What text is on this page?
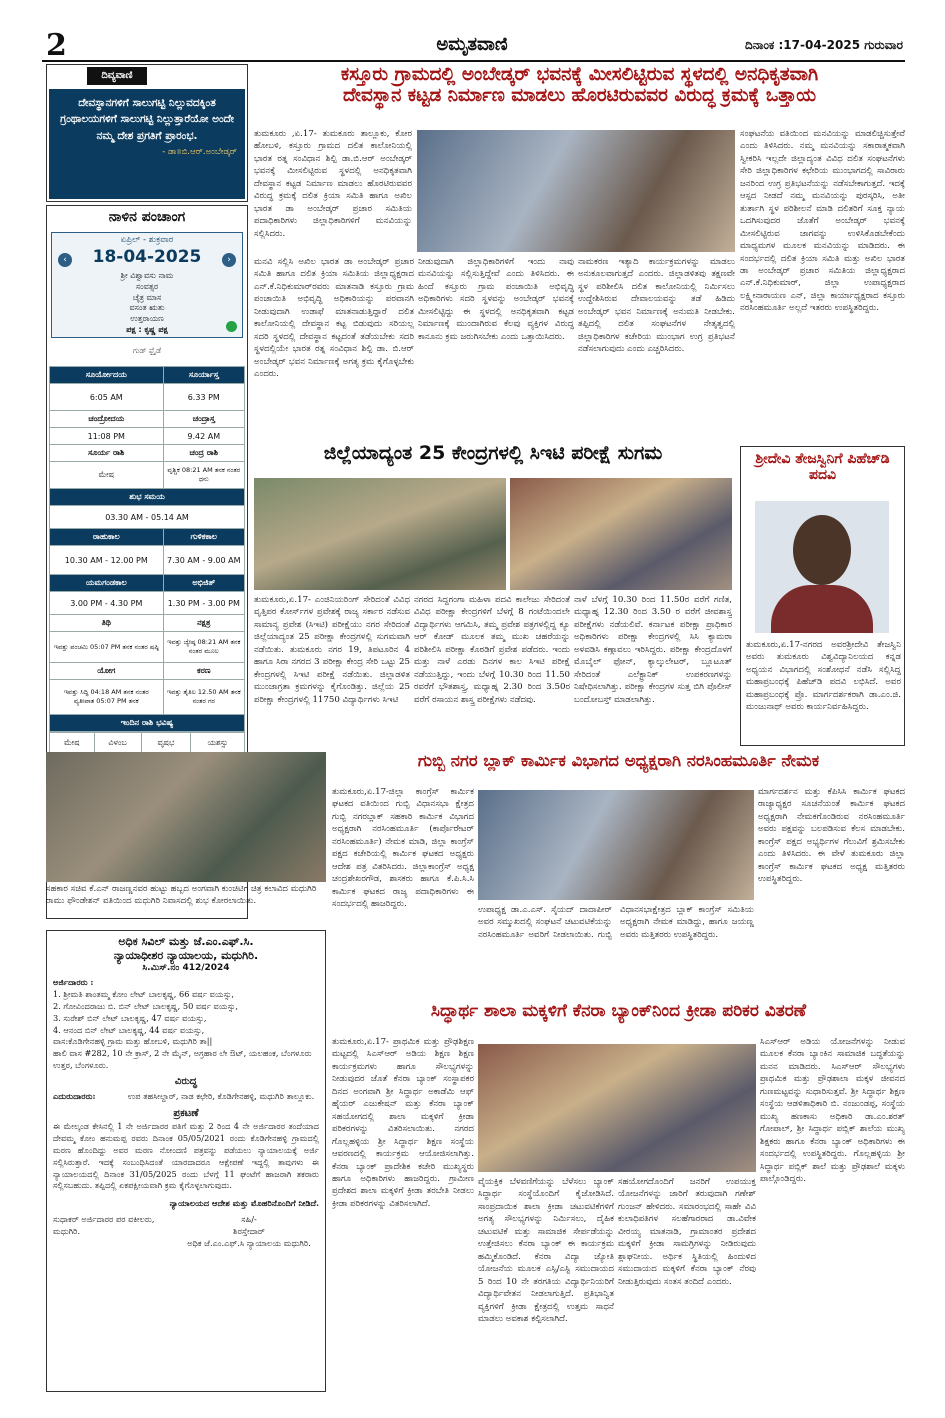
2	ಅಮೃತವಾಣಿ	ದಿನಾಂಕ :17-04-2025 ಗುರುವಾರ
ದಿವ್ಯವಾಣಿ
ದೇವಸ್ಥಾನಗಳಿಗೆ ಸಾಲುಗಟ್ಟಿ ನಿಲ್ಲುವದಕ್ಕಿಂತ ಗ್ರಂಥಾಲಯಗಳಿಗೆ ಸಾಲುಗಟ್ಟಿ ನಿಲ್ಲುತ್ತಾರೆಯೋ ಅಂದೇ ನಮ್ಮ ದೇಶ ಪ್ರಗತಿಗೆ ಪ್ರಾರಂಭ.
- ಡಾ॥ಬಿ.ಆರ್.ಅಂಬೇಡ್ಕರ್
ನಾಳಿನ ಪಂಚಾಂಗ
ಏಪ್ರಿಲ್ - ಶುಕ್ರವಾರ
‹	18-04-2025	›
ಶ್ರೀ ವಿಶ್ವಾವಸು ನಾಮ
ಸಂವತ್ಸರ
ಚೈತ್ರ ಮಾಸ
ವಸಂತ ಋತು
ಉತ್ತರಾಯಣ
ಪಕ್ಷ : ಕೃಷ್ಣ ಪಕ್ಷ
ಗುಡ್ ಫ್ರೈಡೆ
ಸೂರ್ಯೋದಯ	ಸೂರ್ಯಾಸ್ತ
6:05 AM	6.33 PM
ಚಂದ್ರೋದಯ	ಚಂದ್ರಾಸ್ತ
11:08 PM	9.42 AM
ಸೂರ್ಯ ರಾಶಿ	ಚಂದ್ರ ರಾಶಿ
ಮೇಷ	ವೃಶ್ಚಿಕ 08:21 AM ತನಕ ನಂತರ ಧನು
ಶುಭ ಸಮಯ	
03.30 AM - 05.14 AM	
ರಾಹುಕಾಲ	ಗುಳಿಕಕಾಲ
10.30 AM - 12.00 PM	7.30 AM - 9.00 AM
ಯಮಗಂಡಕಾಲ	ಅಭಿಜಿತ್
3.00 PM - 4.30 PM	1.30 PM - 3.00 PM
ತಿಥಿ	ನಕ್ಷತ್ರ
ಇವತ್ತು ಪಂಚಮಿ 05:07 PM ತನಕ ನಂತರ ಷಷ್ಠಿ	ಇವತ್ತು ಜ್ಯೇಷ್ಠ 08:21 AM ತನಕ ನಂತರ ಮೂಲ
ಯೋಗ	ಕರಣ
ಇವತ್ತು ಸಿದ್ಧಿ 04:18 AM ತನಕ ನಂತರ ವ್ಯತೀಪಾತ 05:07 PM ತನಕ	ಇವತ್ತು ತೈತಿಲ 12.50 AM ತನಕ ನಂತರ ಗರ
ಇಂದಿನ ರಾಶಿ ಭವಿಷ್ಯ	
ಮೇಷ	ವಿಳಂಬ	ವೃಷಭ	ಯಶಸ್ಸು

ಕಸ್ತೂರು ಗ್ರಾಮದಲ್ಲಿ ಅಂಬೇಡ್ಕರ್ ಭವನಕ್ಕೆ ಮೀಸಲಿಟ್ಟಿರುವ ಸ್ಥಳದಲ್ಲಿ ಅನಧಿಕೃತವಾಗಿ
ದೇವಸ್ಥಾನ ಕಟ್ಟಡ ನಿರ್ಮಾಣ ಮಾಡಲು ಹೊರಟಿರುವವರ ವಿರುದ್ಧ ಕ್ರಮಕ್ಕೆ ಒತ್ತಾಯ
ತುಮಕೂರು ,ಏ.17- ತುಮಕೂರು ತಾಲ್ಲೂಕು, ಕೋರ ಹೋಬಳಿ, ಕಸ್ತೂರು ಗ್ರಾಮದ ದಲಿತ ಕಾಲೋನಿಯಲ್ಲಿ ಭಾರತ ರತ್ನ ಸಂವಿಧಾನ ಶಿಲ್ಪಿ ಡಾ.ಬಿ.ಆರ್ ಅಂಬೇಡ್ಕರ್ ಭವನಕ್ಕೆ ಮೀಸಲಿಟ್ಟಿರುವ ಸ್ಥಳದಲ್ಲಿ ಅನಧಿಕೃತವಾಗಿ ದೇವಸ್ಥಾನ ಕಟ್ಟಡ ನಿರ್ಮಾಣ ಮಾಡಲು ಹೊರಟಿರುವವರ ವಿರುದ್ಧ ಕ್ರಮಕ್ಕೆ ದಲಿತ ಕ್ರಿಯಾ ಸಮಿತಿ ಹಾಗೂ ಅಖಿಲ ಭಾರತ ಡಾ ಅಂಬೇಡ್ಕರ್ ಪ್ರಚಾರ ಸಮಿತಿಯ ಪದಾಧಿಕಾರಿಗಳು ಜಿಲ್ಲಾಧಿಕಾರಿಗಳಿಗೆ ಮನವಿಯನ್ನು ಸಲ್ಲಿಸಿದರು.
ಸಂಘಟನೆಯ ವತಿಯಿಂದ ಮನವಿಯನ್ನು ಮಾಡಲಿಚ್ಚಿಸುತ್ತೇವೆ ಎಂದು ತಿಳಿಸಿದರು. ನಮ್ಮ ಮನವಿಯನ್ನು ಸಕಾರಾತ್ಮಕವಾಗಿ ಸ್ವೀಕರಿಸಿ ಇಲ್ಲದೇ ಜಿಲ್ಲಾದ್ಯಂತ ವಿವಿಧ ದಲಿತ ಸಂಘಟನೆಗಳು ಸೇರಿ ಜಿಲ್ಲಾಧಿಕಾರಿಗಳ ಕಛೇರಿಯ ಮುಂಭಾಗದಲ್ಲಿ ಸಾವಿರಾರು ಜನರಿಂದ ಉಗ್ರ ಪ್ರತಿಭಟನೆಯನ್ನು ನಡೆಸಬೇಕಾಗುತ್ತದೆ. ಇದಕ್ಕೆ ಆಸ್ಪದ ನೀಡದೆ ನಮ್ಮ ಮನವಿಯನ್ನು ಪುರಸ್ಕರಿಸಿ, ಅತೀ ತುರ್ತಾಗಿ ಸ್ಥಳ ಪರಿಶೀಲನೆ ಮಾಡಿ ದಲಿತರಿಗೆ ಸೂಕ್ತ ನ್ಯಾಯ ಒದಗಿಸುವುದರ ಜೊತೆಗೆ ಅಂಬೇಡ್ಕರ್ ಭವನಕ್ಕೆ ಮೀಸಲಿಟ್ಟಿರುವ ಜಾಗವನ್ನು ಉಳಿಸಿಕೊಡಬೇಕೆಂದು ಮಾಧ್ಯಮಗಳ ಮೂಲಕ ಮನವಿಯನ್ನು ಮಾಡಿದರು. ಈ ಸಂದರ್ಭದಲ್ಲಿ ದಲಿತ ಕ್ರಿಯಾ ಸಮಿತಿ ಮತ್ತು ಅಖಿಲ ಭಾರತ ಡಾ ಅಂಬೇಡ್ಕರ್ ಪ್ರಚಾರ ಸಮಿತಿಯ ಜಿಲ್ಲಾಧ್ಯಕ್ಷರಾದ ಎನ್.ಕೆ.ನಿಧಿಕುಮಾರ್, ಜಿಲ್ಲಾ ಉಪಾಧ್ಯಕ್ಷರಾದ ಲಕ್ಷ್ಮೀನಾರಾಯಣ ಎನ್, ಜಿಲ್ಲಾ ಕಾರ್ಯಾಧ್ಯಕ್ಷರಾದ ಕಸ್ತೂರು ನರಸಿಂಹಮೂರ್ತಿ ಅಲ್ಲದೆ ಇತರರು ಉಪಸ್ಥಿತರಿದ್ದರು.
ಮನವಿ ಸಲ್ಲಿಸಿ ಅಖಿಲ ಭಾರತ ಡಾ ಅಂಬೇಡ್ಕರ್ ಪ್ರಚಾರ ಸಮಿತಿ ಹಾಗೂ ದಲಿತ ಕ್ರಿಯಾ ಸಮಿತಿಯ ಜಿಲ್ಲಾಧ್ಯಕ್ಷರಾದ ಎನ್.ಕೆ.ನಿಧಿಕುಮಾರ್‌ರವರು ಮಾತನಾಡಿ ಕಸ್ತೂರು ಗ್ರಾಮ ಪಂಚಾಯಿತಿ ಅಭಿವೃದ್ಧಿ ಅಧಿಕಾರಿಯನ್ನು ಪರವಾನಗಿ ನೀಡುವುದಾಗಿ ಉಡಾಫೆ ಮಾತನಾಡುತ್ತಿದ್ದಾರೆ ದಲಿತ ಕಾಲೋನಿಯಲ್ಲಿ ದೇವಸ್ಥಾನ ಕಟ್ಟ ಬಿಡುವುದು ಸರಿಯಲ್ಲ ಸದರಿ ಸ್ಥಳದಲ್ಲಿ ದೇವಸ್ಥಾನ ಕಟ್ಟದಂತೆ ತಡೆಯಬೇಕು ಸದರಿ ಸ್ಥಳದಲ್ಲಿಯೇ ಭಾರತ ರತ್ನ ಸಂವಿಧಾನ ಶಿಲ್ಪಿ ಡಾ. ಬಿ.ಆರ್ ಅಂಬೇಡ್ಕರ್ ಭವನ ನಿರ್ಮಾಣಕ್ಕೆ ಅಗತ್ಯ ಕ್ರಮ ಕೈಗೊಳ್ಳಬೇಕು ಎಂದರು.
ನೀಡುವುದಾಗಿ ಜಿಲ್ಲಾಧಿಕಾರಿಗಳಿಗೆ ಇಂದು ನಾವು ಮನವಿಯನ್ನು ಸಲ್ಲಿಸುತ್ತಿದ್ದೇವೆ ಎಂದು ತಿಳಿಸಿದರು. ಈ ಹಿಂದೆ ಕಸ್ತೂರು ಗ್ರಾಮ ಪಂಚಾಯಿತಿ ಅಭಿವೃದ್ಧಿ ಅಧಿಕಾರಿಗಳು ಸದರಿ ಸ್ಥಳವನ್ನು ಅಂಬೇಡ್ಕರ್ ಭವನಕ್ಕೆ ಮೀಸಲಿಟ್ಟಿದ್ದು ಈ ಸ್ಥಳದಲ್ಲಿ ಅನಧಿಕೃತವಾಗಿ ಕಟ್ಟಡ ನಿರ್ಮಾಣಕ್ಕೆ ಮುಂದಾಗಿರುವ ಕೆಲವು ವ್ಯಕ್ತಿಗಳ ವಿರುದ್ಧ ಕಾನೂನು ಕ್ರಮ ಜರುಗಿಸಬೇಕು ಎಂದು ಒತ್ತಾಯಿಸಿದರು.
ನಾಮಕರಣ ಇತ್ಯಾದಿ ಕಾರ್ಯಕ್ರಮಗಳನ್ನು ಮಾಡಲು ಅನುಕೂಲವಾಗುತ್ತದೆ ಎಂದರು. ಜಿಲ್ಲಾಡಳಿತವು ತಕ್ಷಣವೇ ಸ್ಥಳ ಪರಿಶೀಲಿಸಿ ದಲಿತ ಕಾಲೋನಿಯಲ್ಲಿ ನಿರ್ಮಿಸಲು ಉದ್ದೇಶಿಸಿರುವ ದೇವಾಲಯವನ್ನು ತಡೆ ಹಿಡಿದು ಅಂಬೇಡ್ಕರ್ ಭವನ ನಿರ್ಮಾಣಕ್ಕೆ ಅನುಮತಿ ನೀಡಬೇಕು. ತಪ್ಪಿದಲ್ಲಿ ದಲಿತ ಸಂಘಟನೆಗಳ ನೇತೃತ್ವದಲ್ಲಿ ಜಿಲ್ಲಾಧಿಕಾರಿಗಳ ಕಚೇರಿಯ ಮುಂಭಾಗ ಉಗ್ರ ಪ್ರತಿಭಟನೆ ನಡೆಸಲಾಗುವುದು ಎಂದು ಎಚ್ಚರಿಸಿದರು.
ಜಿಲ್ಲೆಯಾದ್ಯಂತ 25 ಕೇಂದ್ರಗಳಲ್ಲಿ ಸಿಇಟಿ ಪರೀಕ್ಷೆ ಸುಗಮ
ತುಮಕೂರು,ಏ.17- ಎಂಜಿನಿಯರಿಂಗ್ ಸೇರಿದಂತೆ ವಿವಿಧ ವೃತ್ತಿಪರ ಕೋರ್ಸ್‌ಗಳ ಪ್ರವೇಶಕ್ಕೆ ರಾಜ್ಯ ಸರ್ಕಾರ ನಡೆಸುವ ಸಾಮಾನ್ಯ ಪ್ರವೇಶ (ಸಿಇಟಿ) ಪರೀಕ್ಷೆಯು ನಗರ ಸೇರಿದಂತೆ ಜಿಲ್ಲೆಯಾದ್ಯಂತ 25 ಪರೀಕ್ಷಾ ಕೇಂದ್ರಗಳಲ್ಲಿ ಸುಗಮವಾಗಿ ನಡೆಯಿತು. ತುಮಕೂರು ನಗರ 19, ತಿಪಟೂರಿನ 4 ಹಾಗೂ ಸಿರಾ ನಗರದ 3 ಪರೀಕ್ಷಾ ಕೇಂದ್ರ ಸೇರಿ ಒಟ್ಟು 25 ಕೇಂದ್ರಗಳಲ್ಲಿ ಸಿಇಟಿ ಪರೀಕ್ಷೆ ನಡೆಯಿತು. ಜಿಲ್ಲಾಡಳಿತ ಮುಂಜಾಗ್ರತಾ ಕ್ರಮಗಳನ್ನು ಕೈಗೊಂಡಿತ್ತು. ಜಿಲ್ಲೆಯ 25 ಪರೀಕ್ಷಾ ಕೇಂದ್ರಗಳಲ್ಲಿ 11750 ವಿದ್ಯಾರ್ಥಿಗಳು ಸಿಇಟಿ
ನಗರದ ಸಿದ್ದಗಂಗಾ ಮಹಿಳಾ ಪದವಿ ಕಾಲೇಜು ಸೇರಿದಂತೆ ವಿವಿಧ ಪರೀಕ್ಷಾ ಕೇಂದ್ರಗಳಿಗೆ ಬೆಳಗ್ಗೆ 8 ಗಂಟೆಯಿಂದಲೇ ವಿದ್ಯಾರ್ಥಿಗಳು ಆಗಮಿಸಿ, ತಮ್ಮ ಪ್ರವೇಶ ಪತ್ರಗಳಲ್ಲಿದ್ದ ಕ್ಯೂ ಆರ್ ಕೋಡ್ ಮೂಲಕ ತಮ್ಮ ಮುಖ ಚಹರೆಯನ್ನು ಪರಿಶೀಲಿಸಿ ಪರೀಕ್ಷಾ ಕೊಠಡಿಗೆ ಪ್ರವೇಶ ಪಡೆದರು. ಇಂದು ಮತ್ತು ನಾಳೆ ಎರಡು ದಿನಗಳ ಕಾಲ ಸಿಇಟಿ ಪರೀಕ್ಷೆ ನಡೆಯುತ್ತಿದ್ದು, ಇಂದು ಬೆಳಗ್ಗೆ 10.30 ರಿಂದ 11.50 ರವರೆಗೆ ಭೌತಶಾಸ್ತ್ರ, ಮಧ್ಯಾಹ್ನ 2.30 ರಿಂದ 3.50ರ ವರೆಗೆ ರಸಾಯನ ಶಾಸ್ತ್ರ ಪರೀಕ್ಷೆಗಳು ನಡೆದವು.
ನಾಳೆ ಬೆಳಗ್ಗೆ 10.30 ರಿಂದ 11.50ರ ವರೆಗೆ ಗಣಿತ, ಮಧ್ಯಾಹ್ನ 12.30 ರಿಂದ 3.50 ರ ವರೆಗೆ ಜೀವಶಾಸ್ತ್ರ ಪರೀಕ್ಷೆಗಳು ನಡೆಯಲಿವೆ. ಕರ್ನಾಟಕ ಪರೀಕ್ಷಾ ಪ್ರಾಧಿಕಾರ ಅಧಿಕಾರಿಗಳು ಪರೀಕ್ಷಾ ಕೇಂದ್ರಗಳಲ್ಲಿ ಸಿಸಿ ಕ್ಯಾಮರಾ ಅಳವಡಿಸಿ ಕಣ್ಗಾವಲು ಇರಿಸಿದ್ದರು. ಪರೀಕ್ಷಾ ಕೇಂದ್ರದೊಳಗೆ ಮೊಬೈಲ್ ಫೋನ್, ಕ್ಯಾಲ್ಕುಲೇಟರ್, ಬ್ಲೂಟೂತ್ ಸೇರಿದಂತೆ ಎಲೆಕ್ಟ್ರಾನಿಕ್ ಉಪಕರಣಗಳನ್ನು ನಿಷೇಧಿಸಲಾಗಿತ್ತು. ಪರೀಕ್ಷಾ ಕೇಂದ್ರಗಳ ಸುತ್ತ ಬಿಗಿ ಪೊಲೀಸ್ ಬಂದೋಬಸ್ತ್ ಮಾಡಲಾಗಿತ್ತು.
ಶ್ರೀದೇವಿ ತೇಜಸ್ವಿನಿಗೆ ಪಿಹೆಚ್‌ಡಿ ಪದವಿ
ತುಮಕೂರು,ಏ.17-ನಗರದ ಅವರಶ್ರೀದೇವಿ ತೇಜಸ್ವಿನಿ ಅವರು ತುಮಕೂರು ವಿಶ್ವವಿದ್ಯಾನಿಲಯದ ಕನ್ನಡ ಅಧ್ಯಯನ ವಿಭಾಗದಲ್ಲಿ ಸಂಶೋಧನೆ ನಡೆಸಿ ಸಲ್ಲಿಸಿದ್ದ ಮಹಾಪ್ರಬಂಧಕ್ಕೆ ಪಿಹೆಚ್‌ಡಿ ಪದವಿ ಲಭಿಸಿದೆ. ಅವರ ಮಹಾಪ್ರಬಂಧಕ್ಕೆ ಪ್ರೊ. ಮಾರ್ಗದರ್ಶಕರಾಗಿ ಡಾ.ಎಂ.ಜಿ. ಮಂಜುನಾಥ್ ಅವರು ಕಾರ್ಯನಿರ್ವಹಿಸಿದ್ದರು.
ಸಹಕಾರ ಸಚಿವ ಕೆ.ಎನ್ ರಾಜಣ್ಣನವರ ಹುಟ್ಟು ಹಬ್ಬದ ಅಂಗವಾಗಿ ಕುಂಚಿಟಿಗ ಚಿತ್ರ ಕಲಾವಿದ ಮಧುಗಿರಿ ರಾಮು ಫೌಂಡೇಶನ್ ವತಿಯಿಂದ ಮಧುಗಿರಿ ನಿವಾಸದಲ್ಲಿ ಶುಭ ಕೋರಲಾಯಿತು.
ಗುಬ್ಬಿ ನಗರ ಬ್ಲಾಕ್ ಕಾರ್ಮಿಕ ವಿಭಾಗದ ಅಧ್ಯಕ್ಷರಾಗಿ ನರಸಿಂಹಮೂರ್ತಿ ನೇಮಕ
ತುಮಕೂರು,ಏ.17-ಜಿಲ್ಲಾ ಕಾಂಗ್ರೆಸ್ ಕಾರ್ಮಿಕ ಘಟಕದ ವತಿಯಿಂದ ಗುಬ್ಬಿ ವಿಧಾನಸಭಾ ಕ್ಷೇತ್ರದ ಗುಬ್ಬಿ ನಗರಬ್ಲಾಕ್ ಸಹಕಾರಿ ಕಾರ್ಮಿಕ ವಿಭಾಗದ ಅಧ್ಯಕ್ಷರಾಗಿ ನರಸಿಂಹಮೂರ್ತಿ (ಕಾರ್ಪೊರೇಟರ್ ನರಸಿಂಹಮೂರ್ತಿ) ನೇಮಕ ಮಾಡಿ, ಜಿಲ್ಲಾ ಕಾಂಗ್ರೆಸ್ ಪಕ್ಷದ ಕಚೇರಿಯಲ್ಲಿ ಕಾರ್ಮಿಕ ಘಟಕದ ಅಧ್ಯಕ್ಷರು ಆದೇಶ ಪತ್ರ ವಿತರಿಸಿದರು. ಜಿಲ್ಲಾಕಾಂಗ್ರೆಸ್ ಅಧ್ಯಕ್ಷ ಚಂದ್ರಶೇಖರಗೌಡ, ಶಾಸಕರು ಹಾಗೂ ಕೆ.ಪಿ.ಸಿ.ಸಿ ಕಾರ್ಮಿಕ ಘಟಕದ ರಾಜ್ಯ ಪದಾಧಿಕಾರಿಗಳು ಈ ಸಂದರ್ಭದಲ್ಲಿ ಹಾಜರಿದ್ದರು.
ಉಪಾಧ್ಯಕ್ಷ ಡಾ.ಎ.ಎಸ್. ಸೈಯದ್ ದಾದಾಪೀರ್ ಅವರ ಸಮ್ಮುಖದಲ್ಲಿ ಸಂಘಟನೆ ಚಟುವಟಿಕೆಯನ್ನು ನರಸಿಂಹಮೂರ್ತಿ ಅವರಿಗೆ ನೀಡಲಾಯಿತು. ಗುಬ್ಬಿ ವಿಧಾನಸಭಾಕ್ಷೇತ್ರದ ಬ್ಲಾಕ್ ಕಾಂಗ್ರೆಸ್ ಸಮಿತಿಯ ಅಧ್ಯಕ್ಷರಾಗಿ ನೇಮಕ ಮಾಡಿದ್ದು, ಹಾಗೂ ಜಯಣ್ಣ ಅವರು ಮತ್ತಿತರರು ಉಪಸ್ಥಿತರಿದ್ದರು.
ಮಾರ್ಗದರ್ಶನ ಮತ್ತು ಕೆಪಿಸಿಸಿ ಕಾರ್ಮಿಕ ಘಟಕದ ರಾಜ್ಯಾಧ್ಯಕ್ಷರ ಸೂಚನೆಯಂತೆ ಕಾರ್ಮಿಕ ಘಟಕದ ಅಧ್ಯಕ್ಷರಾಗಿ ನೇಮಕಗೊಂಡಿರುವ ನರಸಿಂಹಮೂರ್ತಿ ಅವರು ಪಕ್ಷವನ್ನು ಬಲಪಡಿಸುವ ಕೆಲಸ ಮಾಡಬೇಕು. ಕಾಂಗ್ರೆಸ್ ಪಕ್ಷದ ಅಭ್ಯರ್ಥಿಗಳ ಗೆಲುವಿಗೆ ಶ್ರಮಿಸಬೇಕು ಎಂದು ತಿಳಿಸಿದರು. ಈ ವೇಳೆ ತುಮಕೂರು ಜಿಲ್ಲಾ ಕಾಂಗ್ರೆಸ್ ಕಾರ್ಮಿಕ ಘಟಕದ ಅಧ್ಯಕ್ಷ ಮತ್ತಿತರರು ಉಪಸ್ಥಿತರಿದ್ದರು.
ಅಧಿಕ ಸಿವಿಲ್ ಮತ್ತು ಜೆ.ಎಂ.ಎಫ್.ಸಿ.
ನ್ಯಾಯಾಧೀಶರ ನ್ಯಾಯಾಲಯ, ಮಧುಗಿರಿ.
ಸಿ.ಮಿಸ್.ನಂ 412/2024
ಅರ್ಜಿದಾರರು :
1. ಶ್ರೀಮತಿ ಶಾಂತಮ್ಮ ಕೋಂ ಲೇಟ್ ಬಾಲಕೃಷ್ಣ, 66 ವರ್ಷ ವಯಸ್ಸು,
2. ಗೋವಿಂದರಾಜು ಬಿ. ಬಿನ್ ಲೇಟ್ ಬಾಲಕೃಷ್ಣ, 50 ವರ್ಷ ವಯಸ್ಸು,
3. ಸುರೇಶ್ ಬಿನ್ ಲೇಟ್ ಬಾಲಕೃಷ್ಣ, 47 ವರ್ಷ ವಯಸ್ಸು,
4. ಆನಂದ ಬಿನ್ ಲೇಟ್ ಬಾಲಕೃಷ್ಣ, 44 ವರ್ಷ ವಯಸ್ಸು,
ವಾಸ:ಕೊಡಿಗೇನಹಳ್ಳಿ ಗ್ರಾಮ ಮತ್ತು ಹೋಬಳಿ, ಮಧುಗಿರಿ ತಾ||
ಹಾಲಿ ವಾಸ #282, 10 ನೇ ಕ್ರಾಸ್, 2 ನೇ ಮೈನ್, ಅಗ್ರಹಾರ ಲೇ ಔಟ್, ಯಲಹಂಕ, ಬೆಂಗಳೂರು ಉತ್ತರ, ಬೆಂಗಳೂರು.
ವಿರುದ್ಧ
ಎದುರುದಾರರು:	ಉಪ ತಹಸೀಲ್ದಾರ್, ನಾಡ ಕಛೇರಿ, ಕೊಡಿಗೇನಹಳ್ಳಿ, ಮಧುಗಿರಿ ತಾಲ್ಲೂಕು.
ಪ್ರಕಟಣೆ
ಈ ಮೇಲ್ಕಂಡ ಕೇಸಿನಲ್ಲಿ 1 ನೇ ಅರ್ಜಿದಾರರ ಪತಿಗೆ ಮತ್ತು 2 ರಿಂದ 4 ನೇ ಅರ್ಜಿದಾರರ ತಂದೆಯಾದ ದೇವಮ್ಮ ಕೋಂ ಹನುಮಪ್ಪ ರವರು ದಿನಾಂಕ 05/05/2021 ರಂದು ಕೊಡಿಗೇನಹಳ್ಳಿ ಗ್ರಾಮದಲ್ಲಿ ಮರಣ ಹೊಂದಿದ್ದು ಅವರ ಮರಣ ನೋಂದಣಿ ಪತ್ರವನ್ನು ಪಡೆಯಲು ನ್ಯಾಯಾಲಯಕ್ಕೆ ಅರ್ಜಿ ಸಲ್ಲಿಸಿರುತ್ತಾರೆ. ಇದಕ್ಕೆ ಸಂಬಂಧಿಸಿದಂತೆ ಯಾರದಾದರೂ ಆಕ್ಷೇಪಣೆ ಇದ್ದಲ್ಲಿ ತಾವುಗಳು ಈ ನ್ಯಾಯಾಲಯದಲ್ಲಿ ದಿನಾಂಕ 31/05/2025 ರಂದು ಬೆಳಗ್ಗೆ 11 ಘಂಟೆಗೆ ಹಾಜರಾಗಿ ತಕರಾರು ಸಲ್ಲಿಸಬಹುದು. ತಪ್ಪಿದಲ್ಲಿ ಏಕಪಕ್ಷೀಯವಾಗಿ ಕ್ರಮ ಕೈಗೊಳ್ಳಲಾಗುವುದು.
ನ್ಯಾಯಾಲಯದ ಆದೇಶ ಮತ್ತು ಮೊಹರಿನೊಂದಿಗೆ ನೀಡಿದೆ.
ಸುಧಾಕರ್ ಅರ್ಜಿದಾರರ ಪರ ವಕೀಲರು, ಮಧುಗಿರಿ.
ಸಹಿ/-
ಶಿರಸ್ತೇದಾರ್
ಅಧಿಕ ಜೆ.ಎಂ.ಎಫ್.ಸಿ ನ್ಯಾಯಾಲಯ ಮಧುಗಿರಿ.
ಸಿದ್ಧಾರ್ಥ ಶಾಲಾ ಮಕ್ಕಳಿಗೆ ಕೆನರಾ ಬ್ಯಾಂಕ್‌ನಿಂದ ಕ್ರೀಡಾ ಪರಿಕರ ವಿತರಣೆ
ತುಮಕೂರು,ಏ.17- ಪ್ರಾಥಮಿಕ ಮತ್ತು ಪ್ರೌಢಶಿಕ್ಷಣ ಮಟ್ಟದಲ್ಲಿ ಸಿಎಸ್‌ಆರ್ ಅಡಿಯ ಶಿಕ್ಷಣ ಶಿಕ್ಷಣ ಕಾರ್ಯಕ್ರಮಗಳು ಹಾಗೂ ಸೌಲಭ್ಯಗಳನ್ನು ನೀಡುವುದರ ಜೊತೆ ಕೆನರಾ ಬ್ಯಾಂಕ್ ಸಂಸ್ಥಾಪಕರ ದಿನದ ಅಂಗವಾಗಿ ಶ್ರೀ ಸಿದ್ಧಾರ್ಥ ಅಕಾಡೆಮಿ ಆಫ್ ಹೈಯರ್ ಎಜುಕೇಷನ್ ಮತ್ತು ಕೆನರಾ ಬ್ಯಾಂಕ್ ಸಹಯೋಗದಲ್ಲಿ ಶಾಲಾ ಮಕ್ಕಳಿಗೆ ಕ್ರೀಡಾ ಪರಿಕರಗಳನ್ನು ವಿತರಿಸಲಾಯಿತು. ನಗರದ ಗೊಲ್ಲಹಳ್ಳಿಯ ಶ್ರೀ ಸಿದ್ಧಾರ್ಥ ಶಿಕ್ಷಣ ಸಂಸ್ಥೆಯ ಆವರಣದಲ್ಲಿ ಕಾರ್ಯಕ್ರಮ ಆಯೋಜಿಸಲಾಗಿತ್ತು. ಕೆನರಾ ಬ್ಯಾಂಕ್ ಪ್ರಾದೇಶಿಕ ಕಚೇರಿ ಮುಖ್ಯಸ್ಥರು ಹಾಗೂ ಅಧಿಕಾರಿಗಳು ಹಾಜರಿದ್ದರು. ಗ್ರಾಮೀಣ ಪ್ರದೇಶದ ಶಾಲಾ ಮಕ್ಕಳಿಗೆ ಕ್ರೀಡಾ ತರಬೇತಿ ನೀಡಲು ಕ್ರೀಡಾ ಪರಿಕರಗಳನ್ನು ವಿತರಿಸಲಾಗಿದೆ.
ವೈಯಕ್ತಿಕ ಬೆಳವಣಿಗೆಯನ್ನು ಬೆಳೆಸಲು ಬ್ಯಾಂಕ್ ಸಿದ್ಧಾರ್ಥ ಸಂಸ್ಥೆಯೊಂದಿಗೆ ಕೈಜೋಡಿಸಿದೆ. ಸಾಂಪ್ರದಾಯಿಕ ಶಾಲಾ ಕ್ರೀಡಾ ಚಟುವಟಿಕೆಗಳಿಗೆ ಅಗತ್ಯ ಸೌಲಭ್ಯಗಳನ್ನು ನಿರ್ಮಿಸಲು, ದೈಹಿಕ ಚಟುವಟಿಕೆ ಮತ್ತು ಸಾಮಾಜಿಕ ಸೇರ್ಪಡೆಯನ್ನು ಉತ್ತೇಜಿಸಲು ಕೆನರಾ ಬ್ಯಾಂಕ್ ಈ ಕಾರ್ಯಕ್ರಮ ಹಮ್ಮಿಕೊಂಡಿದೆ. ಕೆನರಾ ವಿದ್ಯಾ ಜ್ಯೋತಿ ಯೋಜನೆಯ ಮೂಲಕ ಎಸ್ಸಿ/ಎಸ್ಟಿ ಸಮುದಾಯದ 5 ರಿಂದ 10 ನೇ ತರಗತಿಯ ವಿದ್ಯಾರ್ಥಿನಿಯರಿಗೆ ವಿದ್ಯಾರ್ಥಿವೇತನ ನೀಡಲಾಗುತ್ತಿದೆ. ಪ್ರತಿಭಾನ್ವಿತ ವ್ಯಕ್ತಿಗಳಿಗೆ ಕ್ರೀಡಾ ಕ್ಷೇತ್ರದಲ್ಲಿ ಉತ್ತಮ ಸಾಧನೆ ಮಾಡಲು ಅವಕಾಶ ಕಲ್ಪಿಸಲಾಗಿದೆ.
ಸಹಯೋಗದೊಂದಿಗೆ ಜನರಿಗೆ ಉಪಯುಕ್ತ ಯೋಜನೆಗಳನ್ನು ಜಾರಿಗೆ ತರುವುದಾಗಿ ಗಣೇಶ್ ಗುಂಜನ್ ಹೇಳಿದರು. ಸಮಾರಂಭದಲ್ಲಿ ಸಾಹೇ ವಿವಿ ಕುಲಾಧಿಪತಿಗಳ ಸಲಹೆಗಾರರಾದ ಡಾ.ವಿವೇಕ ವೀರಯ್ಯ ಮಾತನಾಡಿ, ಗ್ರಾಮಾಂತರ ಪ್ರದೇಶದ ಮಕ್ಕಳಿಗೆ ಕ್ರೀಡಾ ಸಾಮಗ್ರಿಗಳನ್ನು ನೀಡಿರುವುದು ಶ್ಲಾಘನೀಯ. ಅರ್ಥಿಕ ಸ್ಥಿತಿಯಲ್ಲಿ ಹಿಂದುಳಿದ ಸಮುದಾಯದ ಮಕ್ಕಳಿಗೆ ಕೆನರಾ ಬ್ಯಾಂಕ್ ನೆರವು ನೀಡುತ್ತಿರುವುದು ಸಂತಸ ತಂದಿದೆ ಎಂದರು.
ಸಿಎಸ್‌ಆರ್ ಅಡಿಯ ಯೋಜನೆಗಳನ್ನು ನೀಡುವ ಮೂಲಕ ಕೆನರಾ ಬ್ಯಾಂಕಿನ ಸಾಮಾಜಿಕ ಬದ್ಧತೆಯನ್ನು ಮನನ ಮಾಡಿದರು. ಸಿಎಸ್‌ಆರ್ ಸೌಲಭ್ಯಗಳು ಪ್ರಾಥಮಿಕ ಮತ್ತು ಪ್ರೌಢಶಾಲಾ ಮಕ್ಕಳ ಜೀವನದ ಗುಣಮಟ್ಟವನ್ನು ಸುಧಾರಿಸುತ್ತವೆ. ಶ್ರೀ ಸಿದ್ಧಾರ್ಥ ಶಿಕ್ಷಣ ಸಂಸ್ಥೆಯ ಆಡಳಿತಾಧಿಕಾರಿ ಬಿ. ನಂಜುಂಡಪ್ಪ, ಸಂಸ್ಥೆಯ ಮುಖ್ಯ ಹಣಕಾಸು ಅಧಿಕಾರಿ ಡಾ.ಎಂ.ಶರತ್ ಗೋಪಾಲ್, ಶ್ರೀ ಸಿದ್ಧಾರ್ಥ ಪಬ್ಲಿಕ್ ಶಾಲೆಯ ಮುಖ್ಯ ಶಿಕ್ಷಕರು ಹಾಗೂ ಕೆನರಾ ಬ್ಯಾಂಕ್ ಅಧಿಕಾರಿಗಳು ಈ ಸಂದರ್ಭದಲ್ಲಿ ಉಪಸ್ಥಿತರಿದ್ದರು. ಗೊಲ್ಲಹಳ್ಳಿಯ ಶ್ರೀ ಸಿದ್ಧಾರ್ಥ ಪಬ್ಲಿಕ್ ಶಾಲೆ ಮತ್ತು ಪ್ರೌಢಶಾಲೆ ಮಕ್ಕಳು ಪಾಲ್ಗೊಂಡಿದ್ದರು.
